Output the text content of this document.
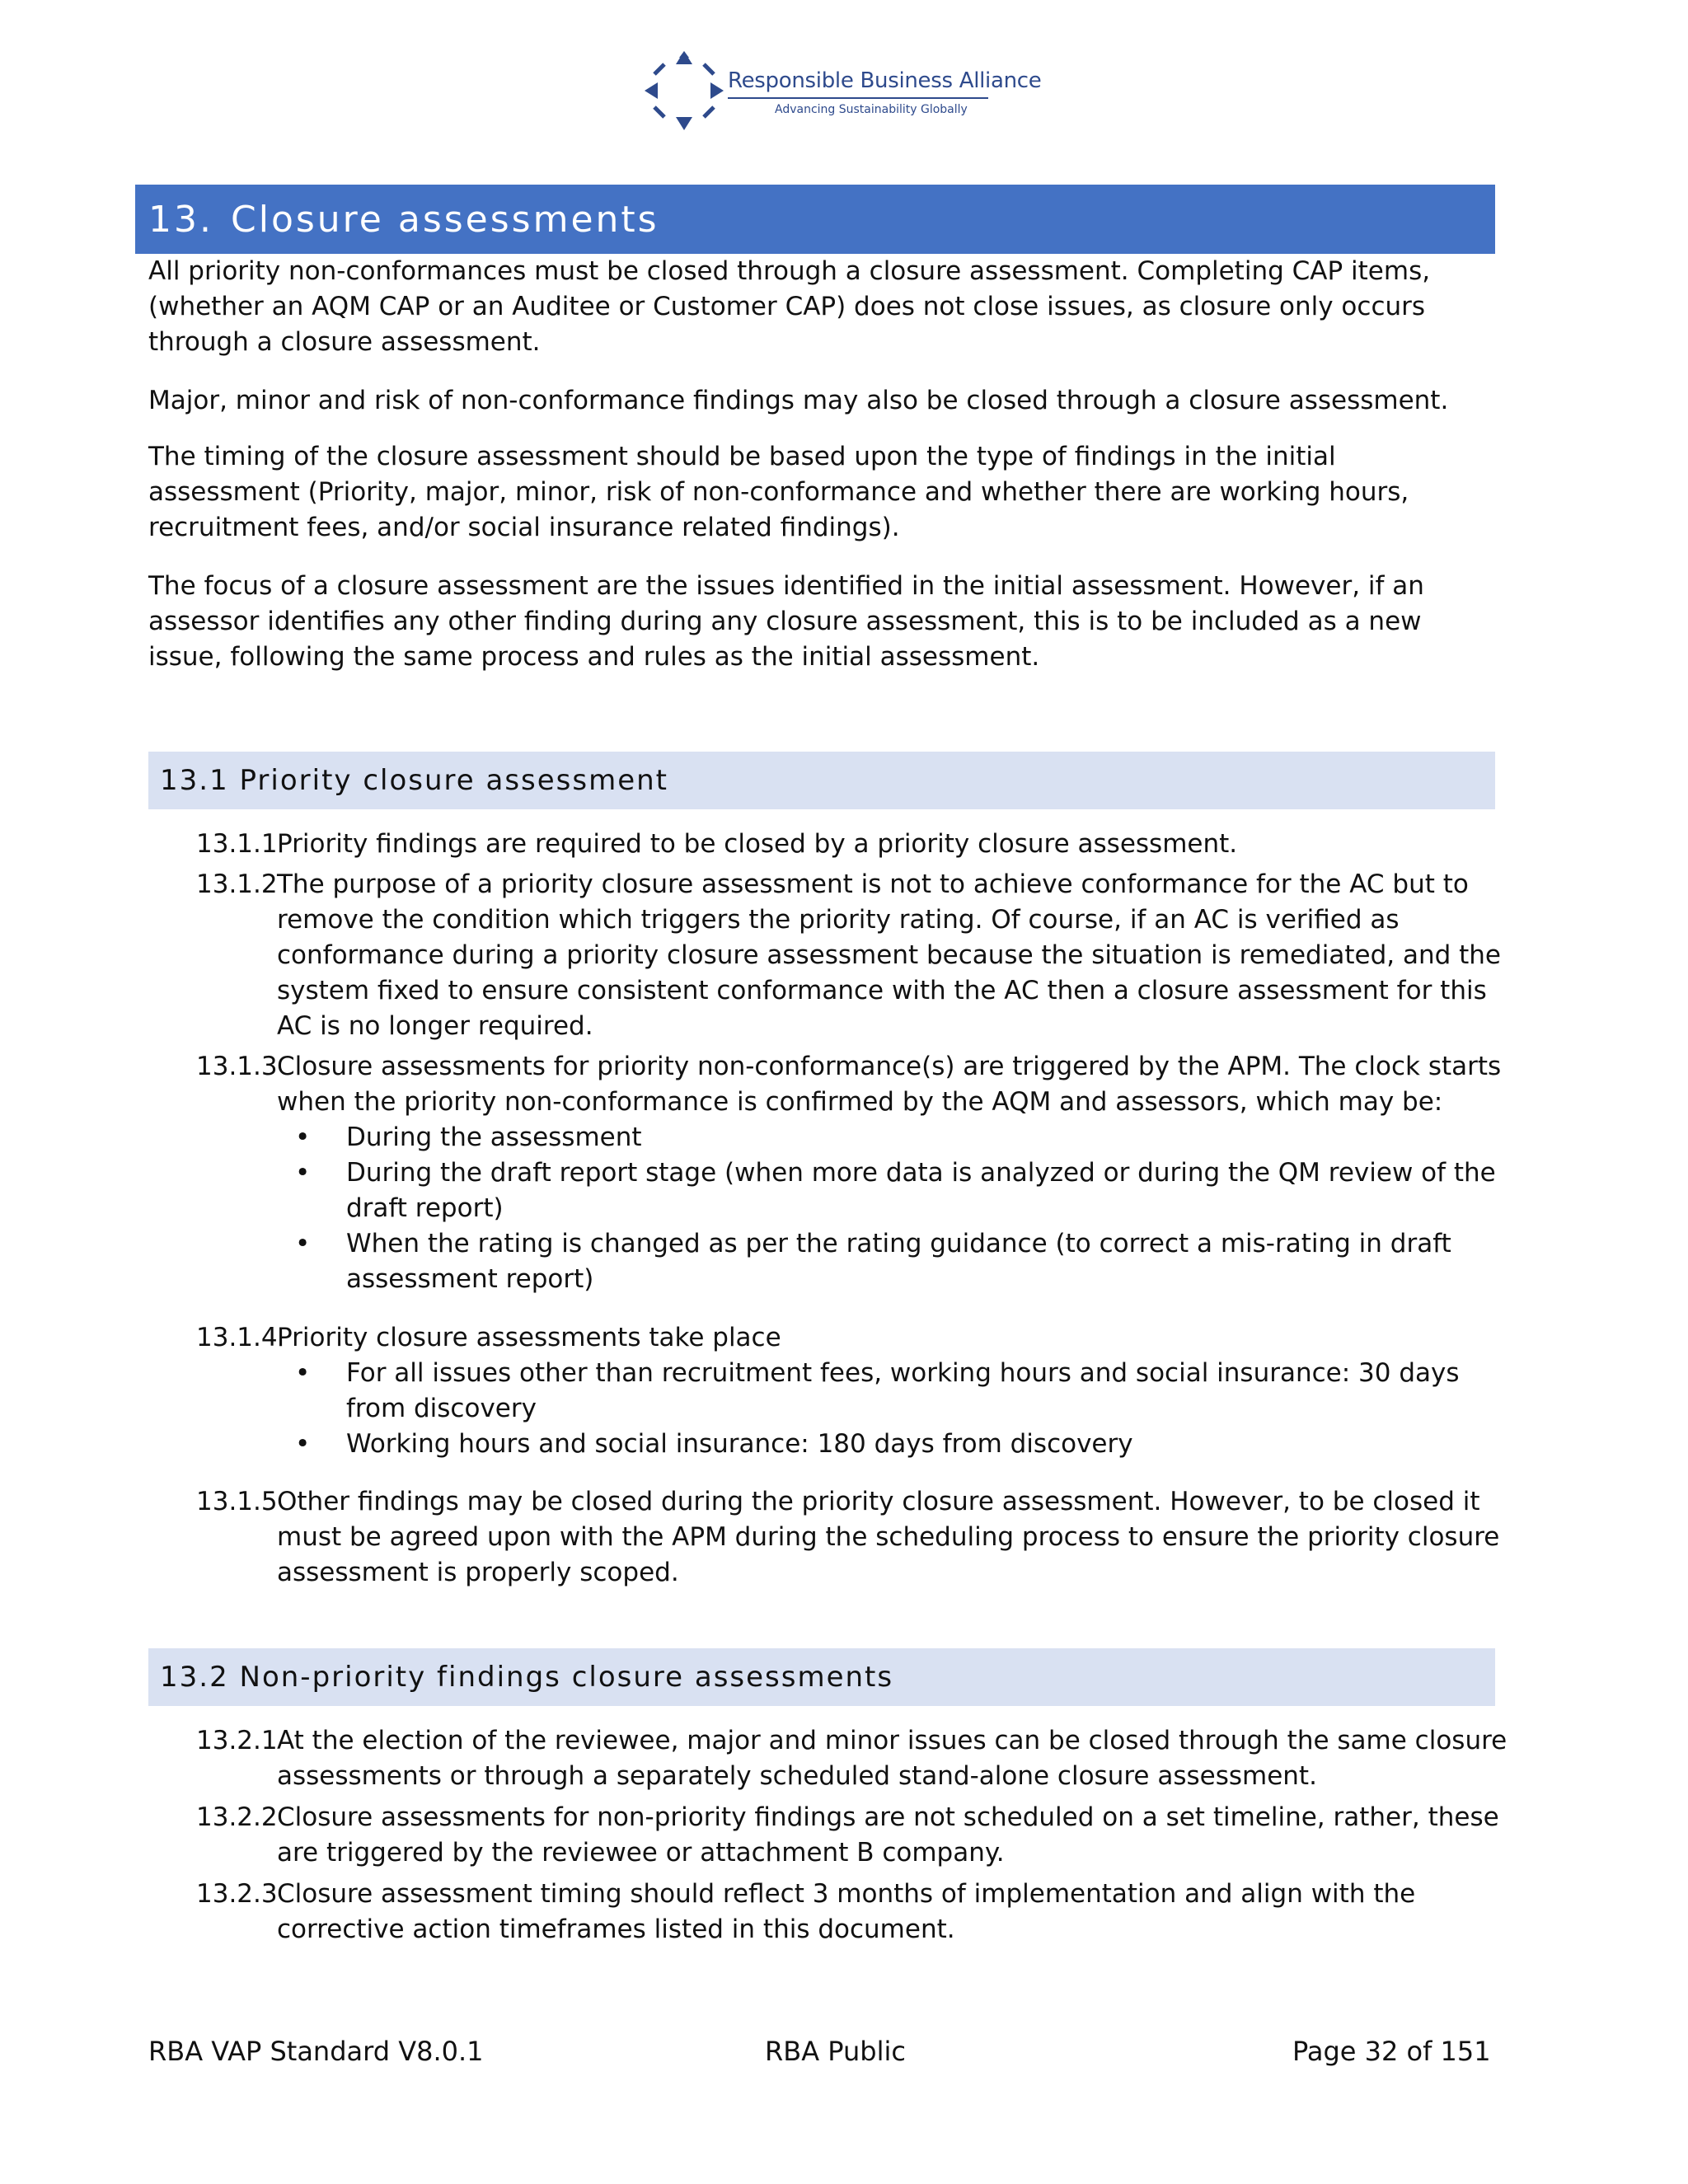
Responsible Business Alliance
Advancing Sustainability Globally
13. Closure assessments

All priority non-conformances must be closed through a closure assessment. Completing CAP items, (whether an AQM CAP or an Auditee or Customer CAP) does not close issues, as closure only occurs through a closure assessment.

Major, minor and risk of non-conformance findings may also be closed through a closure assessment.

The timing of the closure assessment should be based upon the type of findings in the initial assessment (Priority, major, minor, risk of non-conformance and whether there are working hours, recruitment fees, and/or social insurance related findings).

The focus of a closure assessment are the issues identified in the initial assessment. However, if an assessor identifies any other finding during any closure assessment, this is to be included as a new issue, following the same process and rules as the initial assessment.

13.1 Priority closure assessment
13.1.1 Priority findings are required to be closed by a priority closure assessment.
13.1.2 The purpose of a priority closure assessment is not to achieve conformance for the AC but to remove the condition which triggers the priority rating. Of course, if an AC is verified as conformance during a priority closure assessment because the situation is remediated, and the system fixed to ensure consistent conformance with the AC then a closure assessment for this AC is no longer required.
13.1.3 Closure assessments for priority non-conformance(s) are triggered by the APM. The clock starts when the priority non-conformance is confirmed by the AQM and assessors, which may be:
• During the assessment
• During the draft report stage (when more data is analyzed or during the QM review of the draft report)
• When the rating is changed as per the rating guidance (to correct a mis-rating in draft assessment report)
13.1.4 Priority closure assessments take place
• For all issues other than recruitment fees, working hours and social insurance: 30 days from discovery
• Working hours and social insurance: 180 days from discovery
13.1.5 Other findings may be closed during the priority closure assessment. However, to be closed it must be agreed upon with the APM during the scheduling process to ensure the priority closure assessment is properly scoped.
13.2 Non-priority findings closure assessments
13.2.1 At the election of the reviewee, major and minor issues can be closed through the same closure assessments or through a separately scheduled stand-alone closure assessment.
13.2.2 Closure assessments for non-priority findings are not scheduled on a set timeline, rather, these are triggered by the reviewee or attachment B company.
13.2.3 Closure assessment timing should reflect 3 months of implementation and align with the corrective action timeframes listed in this document.
RBA VAP Standard V8.0.1	RBA Public	Page 32 of 151
